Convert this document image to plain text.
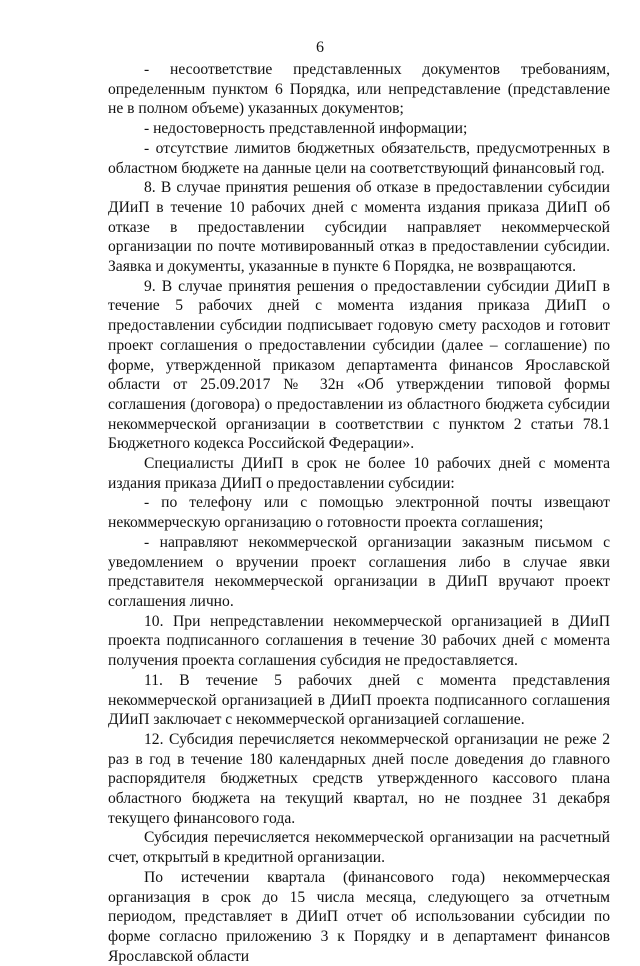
6

- несоответствие представленных документов требованиям, определенным пунктом 6 Порядка, или непредставление (представление не в полном объеме) указанных документов;

- недостоверность представленной информации;

- отсутствие лимитов бюджетных обязательств, предусмотренных в областном бюджете на данные цели на соответствующий финансовый год.

8. В случае принятия решения об отказе в предоставлении субсидии ДИиП в течение 10 рабочих дней с момента издания приказа ДИиП об отказе в предоставлении субсидии направляет некоммерческой организации по почте мотивированный отказ в предоставлении субсидии. Заявка и документы, указанные в пункте 6 Порядка, не возвращаются.

9. В случае принятия решения о предоставлении субсидии ДИиП в течение 5 рабочих дней с момента издания приказа ДИиП о предоставлении субсидии подписывает годовую смету расходов и готовит проект соглашения о предоставлении субсидии (далее – соглашение) по форме, утвержденной приказом департамента финансов Ярославской области от 25.09.2017 № 32н «Об утверждении типовой формы соглашения (договора) о предоставлении из областного бюджета субсидии некоммерческой организации в соответствии с пунктом 2 статьи 78.1 Бюджетного кодекса Российской Федерации».

Специалисты ДИиП в срок не более 10 рабочих дней с момента издания приказа ДИиП о предоставлении субсидии:

- по телефону или с помощью электронной почты извещают некоммерческую организацию о готовности проекта соглашения;

- направляют некоммерческой организации заказным письмом с уведомлением о вручении проект соглашения либо в случае явки представителя некоммерческой организации в ДИиП вручают проект соглашения лично.

10. При непредставлении некоммерческой организацией в ДИиП проекта подписанного соглашения в течение 30 рабочих дней с момента получения проекта соглашения субсидия не предоставляется.

11. В течение 5 рабочих дней с момента представления некоммерческой организацией в ДИиП проекта подписанного соглашения ДИиП заключает с некоммерческой организацией соглашение.

12. Субсидия перечисляется некоммерческой организации не реже 2 раз в год в течение 180 календарных дней после доведения до главного распорядителя бюджетных средств утвержденного кассового плана областного бюджета на текущий квартал, но не позднее 31 декабря текущего финансового года.

Субсидия перечисляется некоммерческой организации на расчетный счет, открытый в кредитной организации.

По истечении квартала (финансового года) некоммерческая организация в срок до 15 числа месяца, следующего за отчетным периодом, представляет в ДИиП отчет об использовании субсидии по форме согласно приложению 3 к Порядку и в департамент финансов Ярославской области
